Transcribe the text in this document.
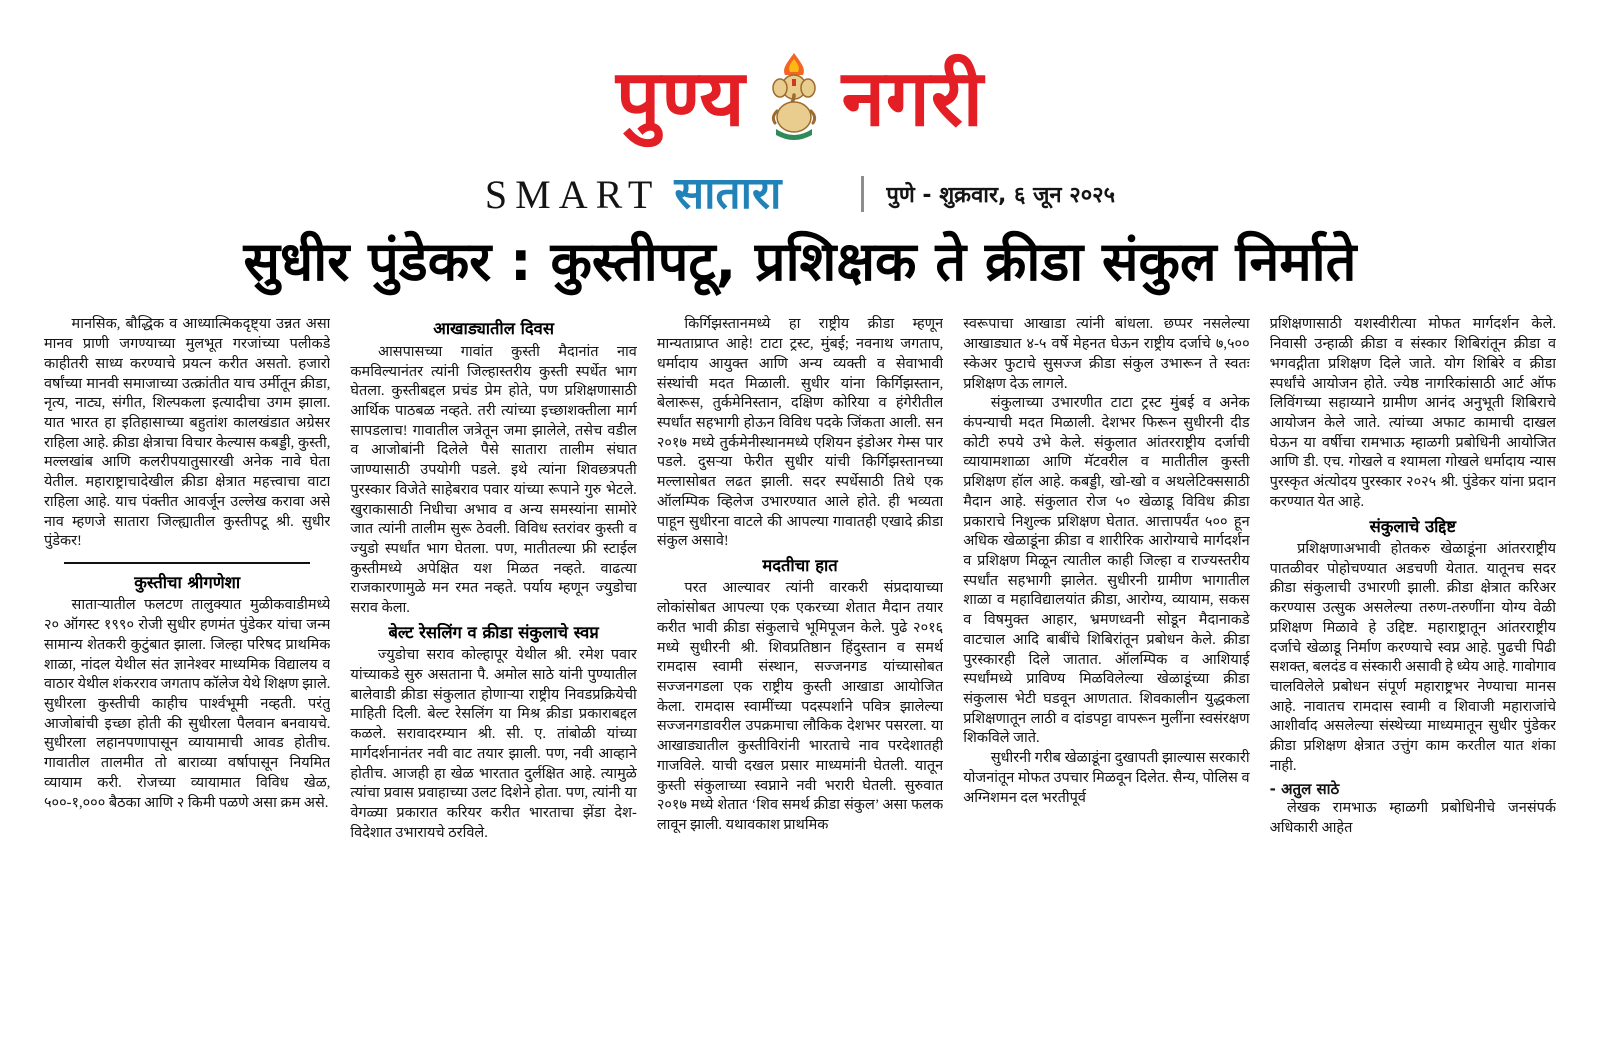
पुण्य नगरी
SMART सातारा	पुणे - शुक्रवार, ६ जून २०२५
सुधीर पुंडेकर : कुस्तीपटू, प्रशिक्षक ते क्रीडा संकुल निर्माते

मानसिक, बौद्धिक व आध्यात्मिकदृष्ट्या उन्नत असा मानव प्राणी जगण्याच्या मुलभूत गरजांच्या पलीकडे काहीतरी साध्य करण्याचे प्रयत्न करीत असतो. हजारो वर्षांच्या मानवी समाजाच्या उत्क्रांतीत याच उर्मीतून क्रीडा, नृत्य, नाट्य, संगीत, शिल्पकला इत्यादीचा उगम झाला. यात भारत हा इतिहासाच्या बहुतांश कालखंडात अग्रेसर राहिला आहे. क्रीडा क्षेत्राचा विचार केल्यास कबड्डी, कुस्ती, मल्लखांब आणि कलरीपयातुसारखी अनेक नावे घेता येतील. महाराष्ट्राचादेखील क्रीडा क्षेत्रात महत्त्वाचा वाटा राहिला आहे. याच पंक्तीत आवर्जून उल्लेख करावा असे नाव म्हणजे सातारा जिल्ह्यातील कुस्तीपटू श्री. सुधीर पुंडेकर!

कुस्तीचा श्रीगणेशा

साताऱ्यातील फलटण तालुक्यात मुळीकवाडीमध्ये २० ऑगस्ट १९९० रोजी सुधीर हणमंत पुंडेकर यांचा जन्म सामान्य शेतकरी कुटुंबात झाला. जिल्हा परिषद प्राथमिक शाळा, नांदल येथील संत ज्ञानेश्वर माध्यमिक विद्यालय व वाठार येथील शंकरराव जगताप कॉलेज येथे शिक्षण झाले. सुधीरला कुस्तीची काहीच पार्श्वभूमी नव्हती. परंतु आजोबांची इच्छा होती की सुधीरला पैलवान बनवायचे. सुधीरला लहानपणापासून व्यायामाची आवड होतीच. गावातील तालमीत तो बाराव्या वर्षापासून नियमित व्यायाम करी. रोजच्या व्यायामात विविध खेळ, ५००-१,००० बैठका आणि २ किमी पळणे असा क्रम असे.

आखाड्यातील दिवस

आसपासच्या गावांत कुस्ती मैदानांत नाव कमविल्यानंतर त्यांनी जिल्हास्तरीय कुस्ती स्पर्धेत भाग घेतला. कुस्तीबद्दल प्रचंड प्रेम होते, पण प्रशिक्षणासाठी आर्थिक पाठबळ नव्हते. तरी त्यांच्या इच्छाशक्तीला मार्ग सापडलाच! गावातील जत्रेतून जमा झालेले, तसेच वडील व आजोबांनी दिलेले पैसे सातारा तालीम संघात जाण्यासाठी उपयोगी पडले. इथे त्यांना शिवछत्रपती पुरस्कार विजेते साहेबराव पवार यांच्या रूपाने गुरु भेटले. खुराकासाठी निधीचा अभाव व अन्य समस्यांना सामोरे जात त्यांनी तालीम सुरू ठेवली. विविध स्तरांवर कुस्ती व ज्युडो स्पर्धांत भाग घेतला. पण, मातीतल्या फ्री स्टाईल कुस्तीमध्ये अपेक्षित यश मिळत नव्हते. वाढत्या राजकारणामुळे मन रमत नव्हते. पर्याय म्हणून ज्युडोचा सराव केला.

बेल्ट रेसलिंग व क्रीडा संकुलाचे स्वप्न

ज्युडोचा सराव कोल्हापूर येथील श्री. रमेश पवार यांच्याकडे सुरु असताना पै. अमोल साठे यांनी पुण्यातील बालेवाडी क्रीडा संकुलात होणाऱ्या राष्ट्रीय निवडप्रक्रियेची माहिती दिली. बेल्ट रेसलिंग या मिश्र क्रीडा प्रकाराबद्दल कळले. सरावादरम्यान श्री. सी. ए. तांबोळी यांच्या मार्गदर्शनानंतर नवी वाट तयार झाली. पण, नवी आव्हाने होतीच. आजही हा खेळ भारतात दुर्लक्षित आहे. त्यामुळे त्यांचा प्रवास प्रवाहाच्या उलट दिशेने होता. पण, त्यांनी या वेगळ्या प्रकारात करियर करीत भारताचा झेंडा देश-विदेशात उभारायचे ठरविले.

किर्गिझस्तानमध्ये हा राष्ट्रीय क्रीडा म्हणून मान्यताप्राप्त आहे! टाटा ट्रस्ट, मुंबई; नवनाथ जगताप, धर्मादाय आयुक्त आणि अन्य व्यक्ती व सेवाभावी संस्थांची मदत मिळाली. सुधीर यांना किर्गिझस्तान, बेलारूस, तुर्कमेनिस्तान, दक्षिण कोरिया व हंगेरीतील स्पर्धांत सहभागी होऊन विविध पदके जिंकता आली. सन २०१७ मध्ये तुर्कमेनीस्थानमध्ये एशियन इंडोअर गेम्स पार पडले. दुसऱ्या फेरीत सुधीर यांची किर्गिझस्तानच्या मल्लासोबत लढत झाली. सदर स्पर्धेसाठी तिथे एक ऑलम्पिक व्हिलेज उभारण्यात आले होते. ही भव्यता पाहून सुधीरना वाटले की आपल्या गावातही एखादे क्रीडा संकुल असावे!

मदतीचा हात

परत आल्यावर त्यांनी वारकरी संप्रदायाच्या लोकांसोबत आपल्या एक एकरच्या शेतात मैदान तयार करीत भावी क्रीडा संकुलाचे भूमिपूजन केले. पुढे २०१६ मध्ये सुधीरनी श्री. शिवप्रतिष्ठान हिंदुस्तान व समर्थ रामदास स्वामी संस्थान, सज्जनगड यांच्यासोबत सज्जनगडला एक राष्ट्रीय कुस्ती आखाडा आयोजित केला. रामदास स्वामींच्या पदस्पर्शाने पवित्र झालेल्या सज्जनगडावरील उपक्रमाचा लौकिक देशभर पसरला. या आखाड्यातील कुस्तीविरांनी भारताचे नाव परदेशातही गाजविले. याची दखल प्रसार माध्यमांनी घेतली. यातून कुस्ती संकुलाच्या स्वप्नाने नवी भरारी घेतली. सुरुवात २०१७ मध्ये शेतात ‘शिव समर्थ क्रीडा संकुल’ असा फलक लावून झाली. यथावकाश प्राथमिक

स्वरूपाचा आखाडा त्यांनी बांधला. छप्पर नसलेल्या आखाड्यात ४-५ वर्षे मेहनत घेऊन राष्ट्रीय दर्जाचे ७,५०० स्केअर फुटाचे सुसज्ज क्रीडा संकुल उभारून ते स्वतः प्रशिक्षण देऊ लागले.

संकुलाच्या उभारणीत टाटा ट्रस्ट मुंबई व अनेक कंपन्याची मदत मिळाली. देशभर फिरून सुधीरनी दीड कोटी रुपये उभे केले. संकुलात आंतरराष्ट्रीय दर्जाची व्यायामशाळा आणि मॅटवरील व मातीतील कुस्ती प्रशिक्षण हॉल आहे. कबड्डी, खो-खो व अथलेटिक्ससाठी मैदान आहे. संकुलात रोज ५० खेळाडू विविध क्रीडा प्रकाराचे निशुल्क प्रशिक्षण घेतात. आत्तापर्यंत ५०० हून अधिक खेळाडूंना क्रीडा व शारीरिक आरोग्याचे मार्गदर्शन व प्रशिक्षण मिळून त्यातील काही जिल्हा व राज्यस्तरीय स्पर्धांत सहभागी झालेत. सुधीरनी ग्रामीण भागातील शाळा व महाविद्यालयांत क्रीडा, आरोग्य, व्यायाम, सकस व विषमुक्त आहार, भ्रमणध्वनी सोडून मैदानाकडे वाटचाल आदि बाबींचे शिबिरांतून प्रबोधन केले. क्रीडा पुरस्कारही दिले जातात. ऑलम्पिक व आशियाई स्पर्धांमध्ये प्राविण्य मिळविलेल्या खेळाडूंच्या क्रीडा संकुलास भेटी घडवून आणतात. शिवकालीन युद्धकला प्रशिक्षणातून लाठी व दांडपट्टा वापरून मुलींना स्वसंरक्षण शिकविले जाते.

सुधीरनी गरीब खेळाडूंना दुखापती झाल्यास सरकारी योजनांतून मोफत उपचार मिळवून दिलेत. सैन्य, पोलिस व अग्निशमन दल भरतीपूर्व

प्रशिक्षणासाठी यशस्वीरीत्या मोफत मार्गदर्शन केले. निवासी उन्हाळी क्रीडा व संस्कार शिबिरांतून क्रीडा व भगवद्गीता प्रशिक्षण दिले जाते. योग शिबिरे व क्रीडा स्पर्धांचे आयोजन होते. ज्येष्ठ नागरिकांसाठी आर्ट ऑफ लिविंगच्या सहाय्याने ग्रामीण आनंद अनुभूती शिबिराचे आयोजन केले जाते. त्यांच्या अफाट कामाची दाखल घेऊन या वर्षीचा रामभाऊ म्हाळगी प्रबोधिनी आयोजित आणि डी. एच. गोखले व श्यामला गोखले धर्मादाय न्यास पुरस्कृत अंत्योदय पुरस्कार २०२५ श्री. पुंडेकर यांना प्रदान करण्यात येत आहे.

संकुलाचे उद्दिष्ट

प्रशिक्षणाअभावी होतकरु खेळाडूंना आंतरराष्ट्रीय पातळीवर पोहोचण्यात अडचणी येतात. यातूनच सदर क्रीडा संकुलाची उभारणी झाली. क्रीडा क्षेत्रात करिअर करण्यास उत्सुक असलेल्या तरुण-तरुणींना योग्य वेळी प्रशिक्षण मिळावे हे उद्दिष्ट. महाराष्ट्रातून आंतरराष्ट्रीय दर्जाचे खेळाडू निर्माण करण्याचे स्वप्न आहे. पुढची पिढी सशक्त, बलदंड व संस्कारी असावी हे ध्येय आहे. गावोगाव चालविलेले प्रबोधन संपूर्ण महाराष्ट्रभर नेण्याचा मानस आहे. नावातच रामदास स्वामी व शिवाजी महाराजांचे आशीर्वाद असलेल्या संस्थेच्या माध्यमातून सुधीर पुंडेकर क्रीडा प्रशिक्षण क्षेत्रात उत्तुंग काम करतील यात शंका नाही.

- अतुल साठे

लेखक रामभाऊ म्हाळगी प्रबोधिनीचे जनसंपर्क अधिकारी आहेत
